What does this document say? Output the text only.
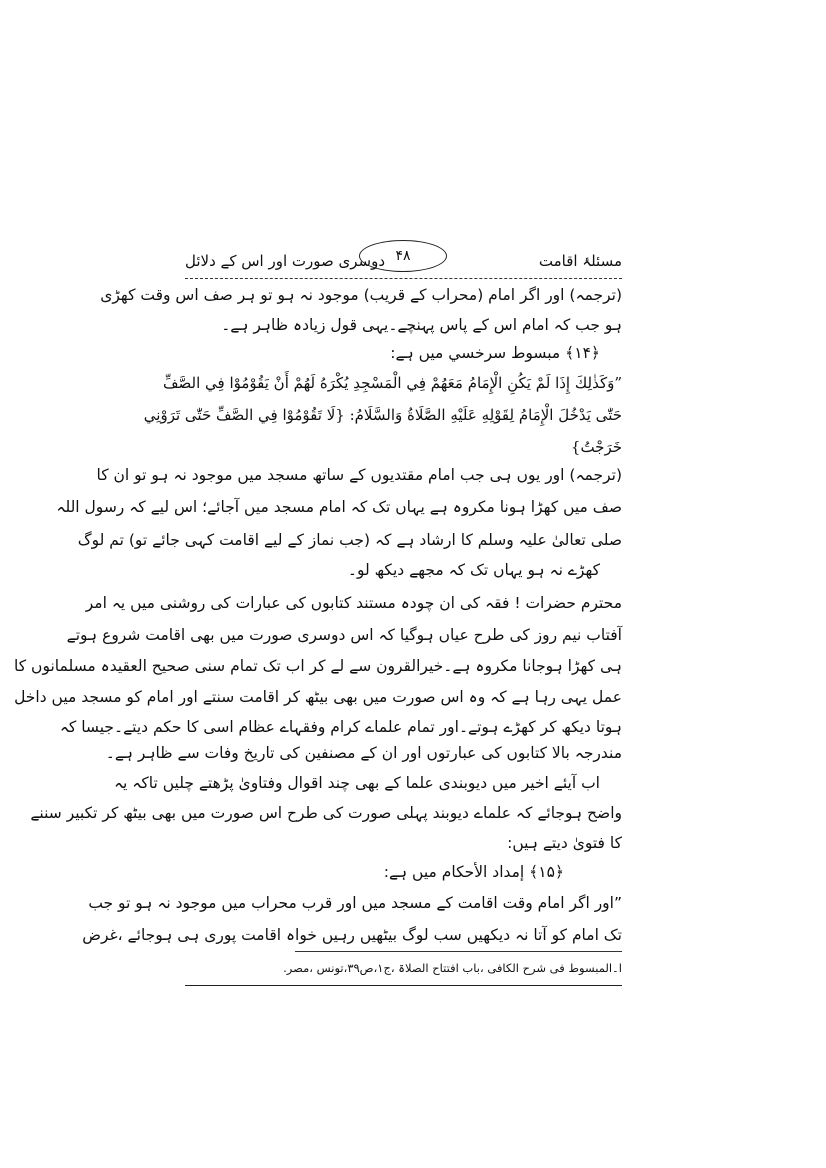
مسئلۂ اقامت
۴۸
دوسری صورت اور اس کے دلائل
(ترجمہ) اور اگر امام (محراب کے قریب) موجود نہ ہو تو ہر صف اس وقت کھڑی
ہو جب کہ امام اس کے پاس پہنچے۔یہی قول زیادہ ظاہر ہے۔
﴿۱۴﴾ مبسوط سرخسي میں ہے:
”وَكَذٰلِكَ إِذَا لَمْ يَكُنِ الْإِمَامُ مَعَهُمْ فِي الْمَسْجِدِ يُكْرَهُ لَهُمْ أَنْ يَقُوْمُوْا فِي الصَّفِّ
حَتّٰى يَدْخُلَ الْإِمَامُ لِقَوْلِهِ عَلَيْهِ الصَّلَاةُ وَالسَّلَامُ: {لَا تَقُوْمُوْا فِي الصَّفِّ حَتّٰى تَرَوْنِي
خَرَجْتُ}
(ترجمہ) اور یوں ہی جب امام مقتدیوں کے ساتھ مسجد میں موجود نہ ہو تو ان کا
صف میں کھڑا ہونا مکروہ ہے یہاں تک کہ امام مسجد میں آجائے؛ اس لیے کہ رسول اللہ
صلی تعالیٰ علیہ وسلم کا ارشاد ہے کہ (جب نماز کے لیے اقامت کہی جائے تو) تم لوگ
کھڑے نہ ہو یہاں تک کہ مجھے دیکھ لو۔
محترم حضرات ! فقہ کی ان چودہ مستند کتابوں کی عبارات کی روشنی میں یہ امر
آفتاب نیم روز کی طرح عیاں ہوگیا کہ اس دوسری صورت میں بھی اقامت شروع ہوتے
ہی کھڑا ہوجانا مکروہ ہے۔خیرالقرون سے لے کر اب تک تمام سنی صحیح العقیدہ مسلمانوں کا
عمل یہی رہا ہے کہ وہ اس صورت میں بھی بیٹھ کر اقامت سنتے اور امام کو مسجد میں داخل
ہوتا دیکھ کر کھڑے ہوتے۔اور تمام علماے کرام وفقہاے عظام اسی کا حکم دیتے۔جیسا کہ
مندرجہ بالا کتابوں کی عبارتوں اور ان کے مصنفین کی تاریخ وفات سے ظاہر ہے۔
اب آیئے اخیر میں دیوبندی علما کے بھی چند اقوال وفتاویٰ پڑھتے چلیں تاکہ یہ
واضح ہوجائے کہ علماے دیوبند پہلی صورت کی طرح اس صورت میں بھی بیٹھ کر تکبیر سننے
کا فتویٰ دیتے ہیں:
﴿۱۵﴾ إمداد الأحكام میں ہے:
”اور اگر امام وقت اقامت کے مسجد میں اور قرب محراب میں موجود نہ ہو تو جب
تک امام کو آتا نہ دیکھیں سب لوگ بیٹھیں رہیں خواہ اقامت پوری ہی ہوجائے ،غرض
ا۔المبسوط فی شرح الکافی ،باب افتتاح الصلاۃ ،ج۱،ص۳۹،تونس ،مصر.
